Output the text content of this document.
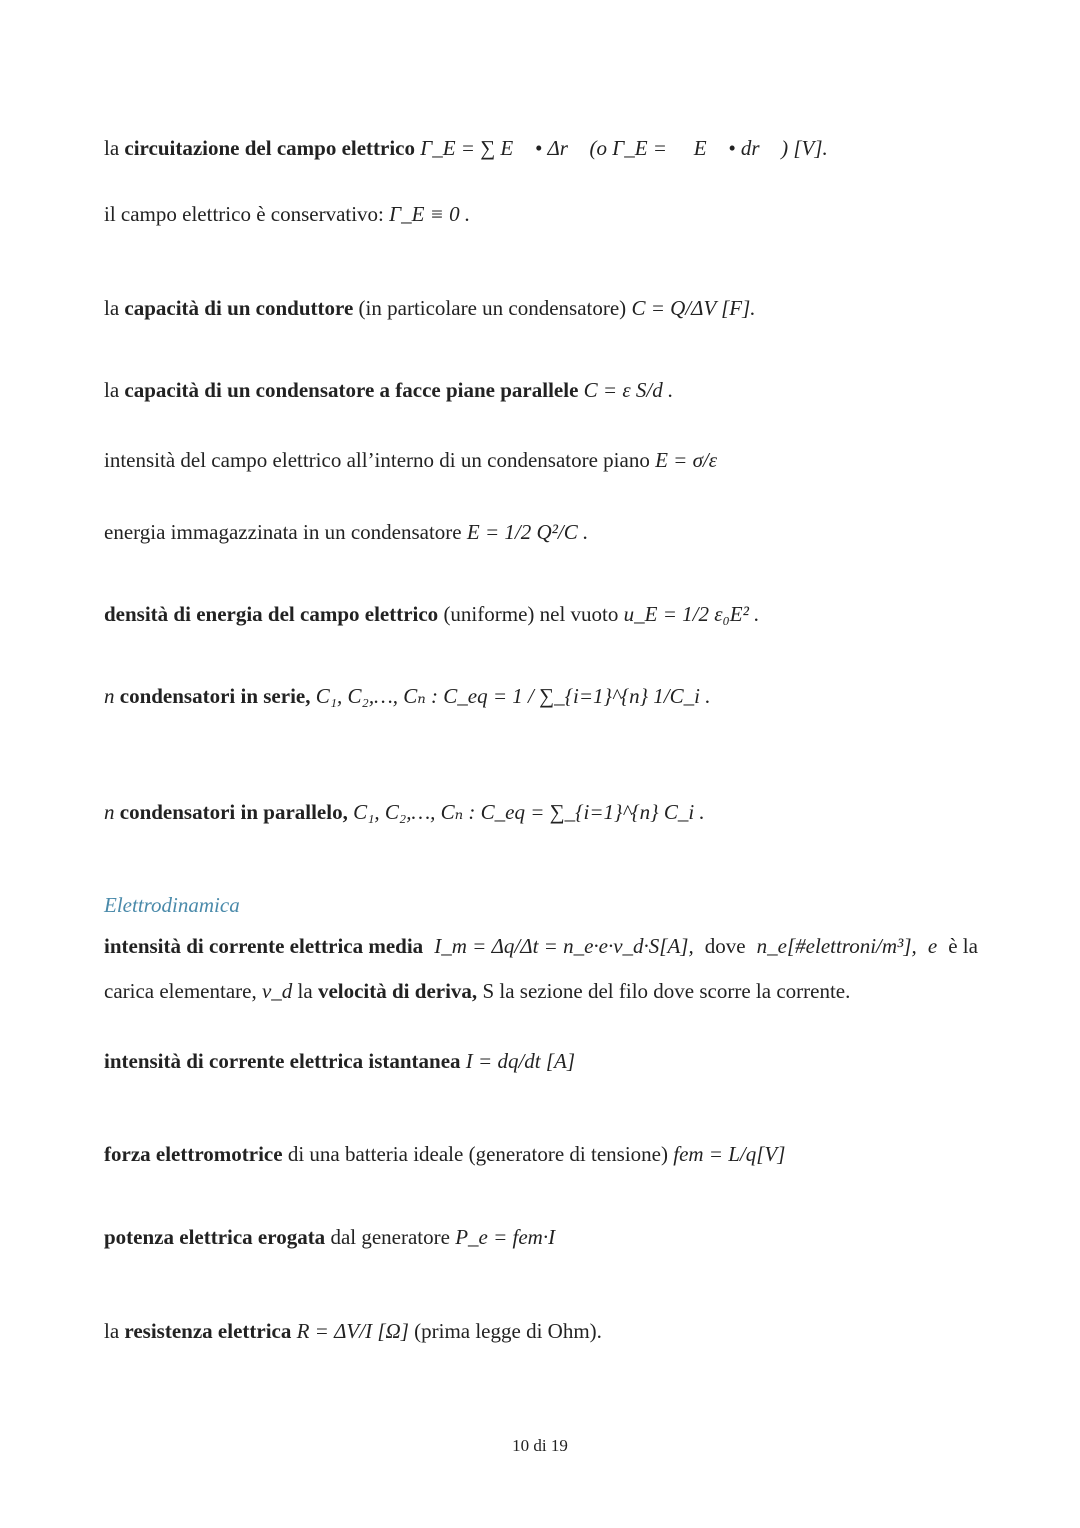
la circuitazione del campo elettrico Γ_E = ∑ E⃗ • Δr⃗ (o Γ_E = ∮ E⃗ • dr⃗ ) [V].
il campo elettrico è conservativo: Γ_E ≡ 0 .
la capacità di un conduttore (in particolare un condensatore) C = Q/ΔV [F].
la capacità di un condensatore a facce piane parallele C = ε S/d .
intensità del campo elettrico all’interno di un condensatore piano E = σ/ε
energia immagazzinata in un condensatore E = 1/2 Q²/C .
densità di energia del campo elettrico (uniforme) nel vuoto u_E = 1/2 ε₀E² .
n condensatori in serie, C₁, C₂,…, Cₙ : C_eq = 1 / ∑_{i=1}^{n} 1/C_i .
n condensatori in parallelo, C₁, C₂,…, Cₙ : C_eq = ∑_{i=1}^{n} C_i .
Elettrodinamica
intensità di corrente elettrica media I_m = Δq/Δt = n_e·e·v_d·S[A], dove n_e[#elettroni/m³], e è la
carica elementare, v_d la velocità di deriva, S la sezione del filo dove scorre la corrente.
intensità di corrente elettrica istantanea I = dq/dt [A]
forza elettromotrice di una batteria ideale (generatore di tensione) fem = L/q[V]
potenza elettrica erogata dal generatore P_e = fem·I
la resistenza elettrica R = ΔV/I [Ω] (prima legge di Ohm).
10 di 19
